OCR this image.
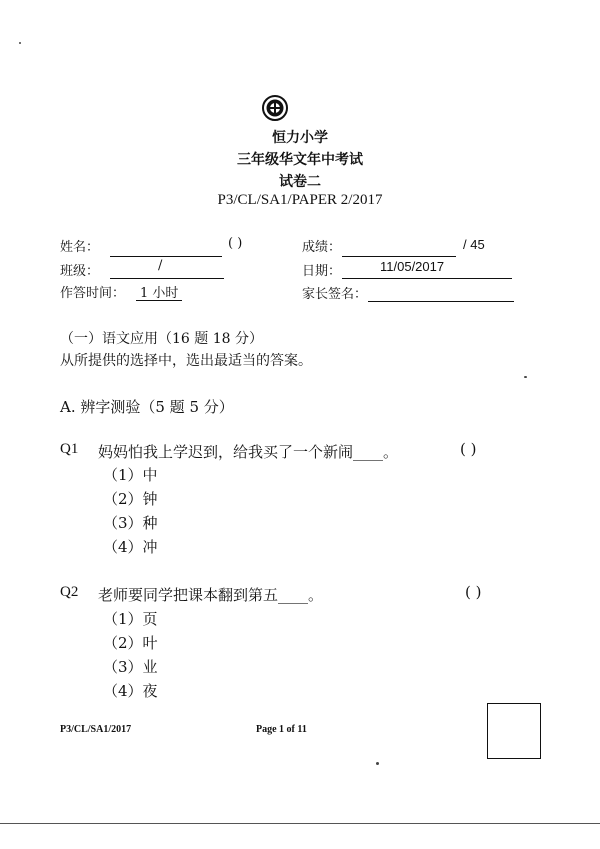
恒力小学
三年级华文年中考试
试卷二
P3/CL/SA1/PAPER 2/2017
姓名：	( )	成绩：	/ 45
班级：	/	日期：	11/05/2017
作答时间： 1 小时	家长签名：
（一）语文应用（16 题 18 分）
从所提供的选择中，选出最适当的答案。
A. 辨字测验（5 题 5 分）
Q1 妈妈怕我上学迟到，给我买了一个新闹____。	( )
（1）中
（2）钟
（3）种
（4）冲
Q2 老师要同学把课本翻到第五____。	( )
（1）页
（2）叶
（3）业
（4）夜
P3/CL/SA1/2017	Page 1 of 11
